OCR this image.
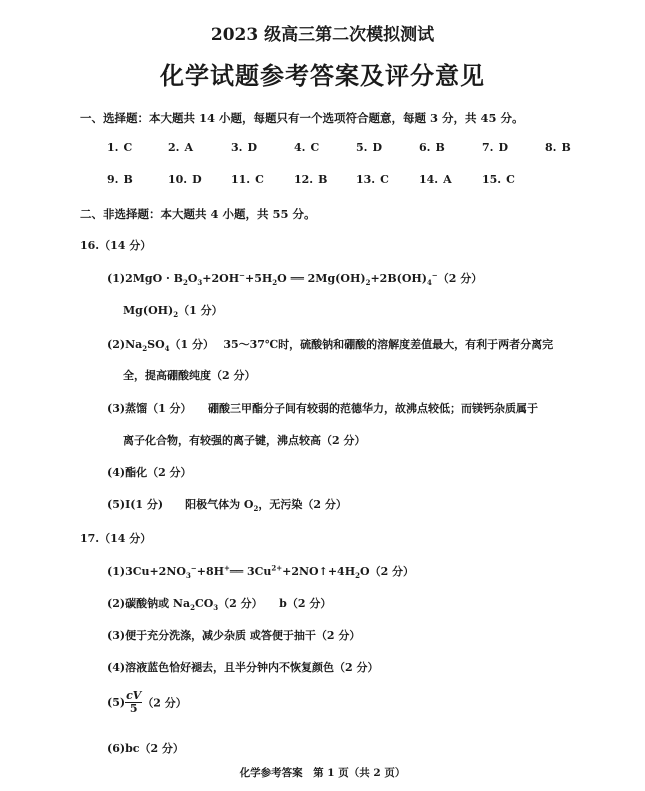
2023 级高三第二次模拟测试
化学试题参考答案及评分意见
一、选择题：本大题共 14 小题，每题只有一个选项符合题意，每题 3 分，共 45 分。
1. C	2. A	3. D	4. C	5. D	6. B	7. D	8. B
9. B	10. D	11. C	12. B	13. C	14. A	15. C
二、非选择题：本大题共 4 小题，共 55 分。
16.（14 分）
$(1)2MgO \cdot B_2O_3+2OH^-+5H_2O$ ══ $2Mg(OH)_2+2B(OH)_4^-(2$ 分）
$Mg(OH)_2(1$ 分）
$(2)Na_2SO_4(1$ 分）　 35～37℃时，硫酸钠和硼酸的溶解度差值最大，有利于两者分离完
全，提高硼酸纯度（2 分）
(3)蒸馏（1 分）　　硼酸三甲酯分子间有较弱的范德华力，故沸点较低；而镁钙杂质属于
离子化合物，有较强的离子键，沸点较高（2 分）
(4)酯化（2 分）
(5)Ⅰ(1 分)　　阳极气体为 $O_2$，无污染（2 分）
17.（14 分）
$(1)3Cu+2NO_3^-+8H^+══$ $3Cu^{2+}+2NO↑+4H_2O(2$ 分）
(2)碳酸钠或 $Na_2CO_3(2$ 分）　　b（2 分）
(3)便于充分洗涤，减少杂质 或答便于抽干（2 分）
(4)溶液蓝色恰好褪去，且半分钟内不恢复颜色（2 分）
$(5) \frac{cV}{5} (2$ 分）
(6)bc（2 分）
化学参考答案　第 1 页（共 2 页）
